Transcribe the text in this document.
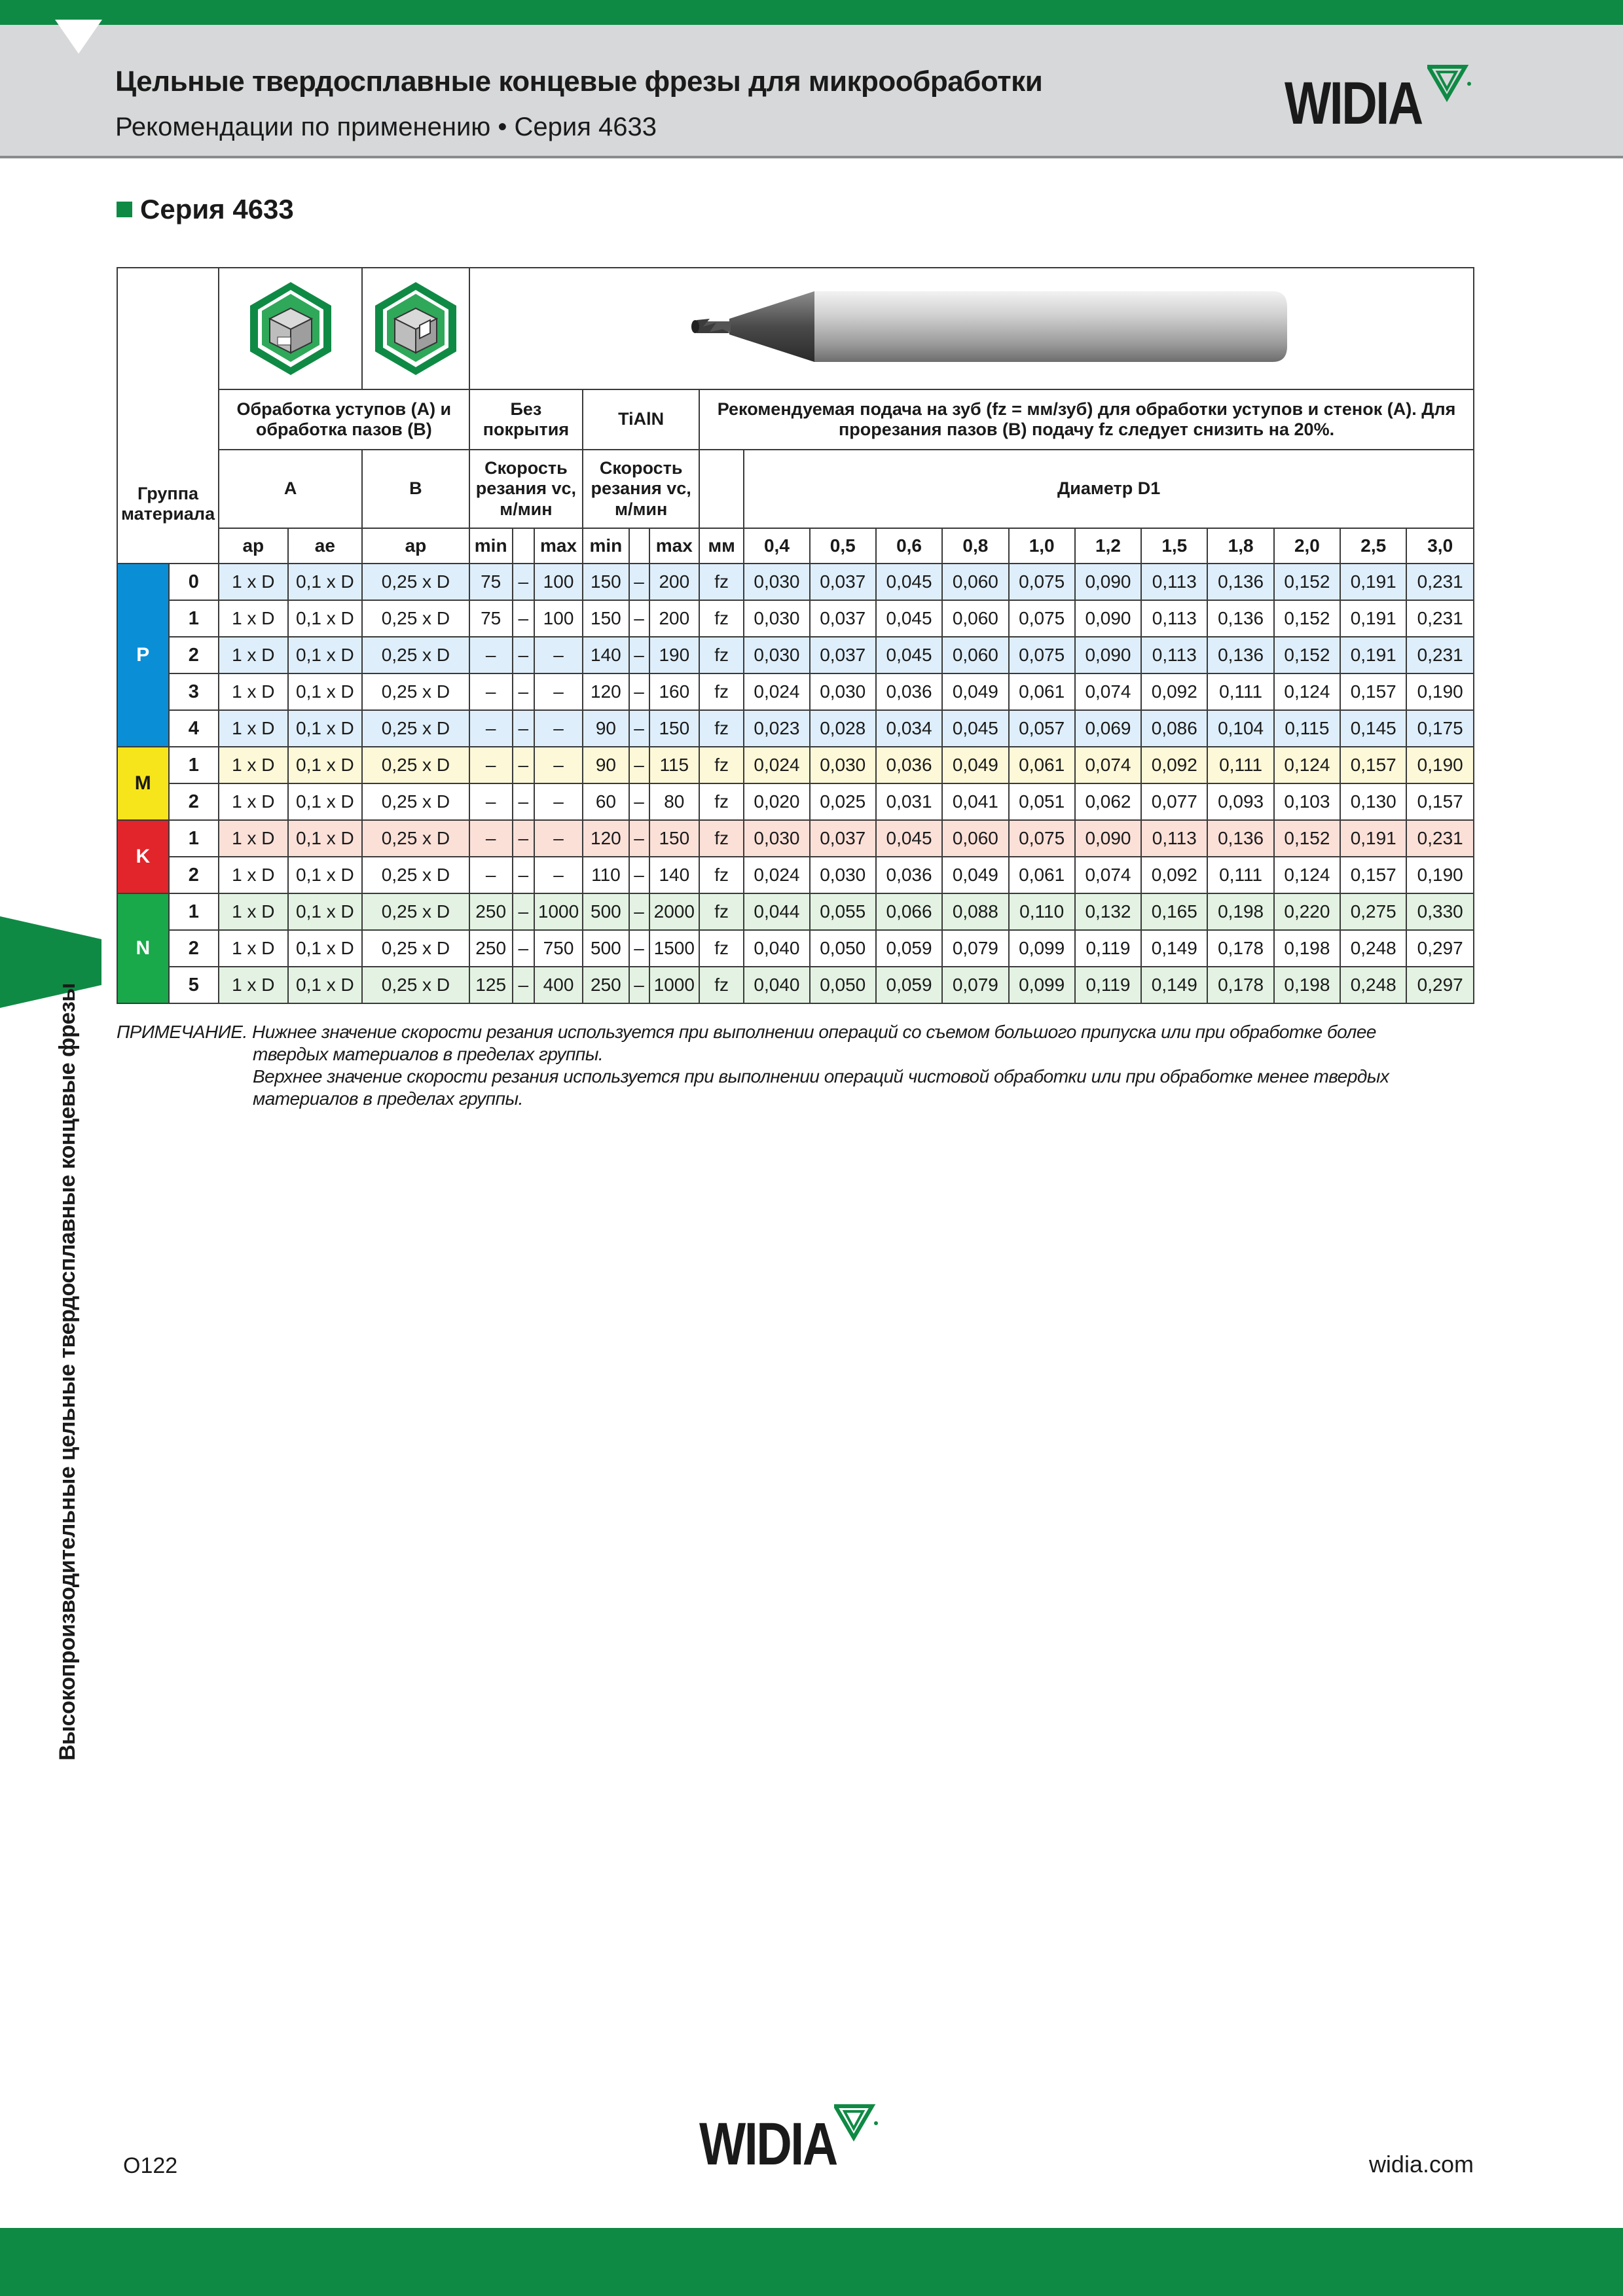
Цельные твердосплавные концевые фрезы для микрообработки
Рекомендации по применению • Серия 4633	WIDIA
Серия 4633
Группа материала

		Обработка уступов (A) и обработка пазов (B)			Без покрытия			TiAlN			Рекомендуемая подача на зуб (fz = мм/зуб) для обработки уступов и стенок (A). Для прорезания пазов (B) подачу fz следует снизить на 20%.											
		A		B	Скорость резания vc, м/мин			Скорость резания vc, м/мин				Диаметр D1										
		ap	ae	ap	min		max	min		max	мм	0,4	0,5	0,6	0,8	1,0	1,2	1,5	1,8	2,0	2,5	3,0
P	0	1 x D	0,1 x D	0,25 x D	75	–	100	150	–	200	fz	0,030	0,037	0,045	0,060	0,075	0,090	0,113	0,136	0,152	0,191	0,231
	1	1 x D	0,1 x D	0,25 x D	75	–	100	150	–	200	fz	0,030	0,037	0,045	0,060	0,075	0,090	0,113	0,136	0,152	0,191	0,231
	2	1 x D	0,1 x D	0,25 x D	–	–	–	140	–	190	fz	0,030	0,037	0,045	0,060	0,075	0,090	0,113	0,136	0,152	0,191	0,231
	3	1 x D	0,1 x D	0,25 x D	–	–	–	120	–	160	fz	0,024	0,030	0,036	0,049	0,061	0,074	0,092	0,111	0,124	0,157	0,190
	4	1 x D	0,1 x D	0,25 x D	–	–	–	90	–	150	fz	0,023	0,028	0,034	0,045	0,057	0,069	0,086	0,104	0,115	0,145	0,175
M	1	1 x D	0,1 x D	0,25 x D	–	–	–	90	–	115	fz	0,024	0,030	0,036	0,049	0,061	0,074	0,092	0,111	0,124	0,157	0,190
	2	1 x D	0,1 x D	0,25 x D	–	–	–	60	–	80	fz	0,020	0,025	0,031	0,041	0,051	0,062	0,077	0,093	0,103	0,130	0,157
K	1	1 x D	0,1 x D	0,25 x D	–	–	–	120	–	150	fz	0,030	0,037	0,045	0,060	0,075	0,090	0,113	0,136	0,152	0,191	0,231
	2	1 x D	0,1 x D	0,25 x D	–	–	–	110	–	140	fz	0,024	0,030	0,036	0,049	0,061	0,074	0,092	0,111	0,124	0,157	0,190
N	1	1 x D	0,1 x D	0,25 x D	250	–	1000	500	–	2000	fz	0,044	0,055	0,066	0,088	0,110	0,132	0,165	0,198	0,220	0,275	0,330
	2	1 x D	0,1 x D	0,25 x D	250	–	750	500	–	1500	fz	0,040	0,050	0,059	0,079	0,099	0,119	0,149	0,178	0,198	0,248	0,297
	5	1 x D	0,1 x D	0,25 x D	125	–	400	250	–	1000	fz	0,040	0,050	0,059	0,079	0,099	0,119	0,149	0,178	0,198	0,248	0,297
ПРИМЕЧАНИЕ. Нижнее значение скорости резания используется при выполнении операций со съемом большого припуска или при обработке более
твердых материалов в пределах группы.
Верхнее значение скорости резания используется при выполнении операций чистовой обработки или при обработке менее твердых
материалов в пределах группы.
Высокопроизводительные цельные твердосплавные концевые фрезы
WIDIA
O122	widia.com
